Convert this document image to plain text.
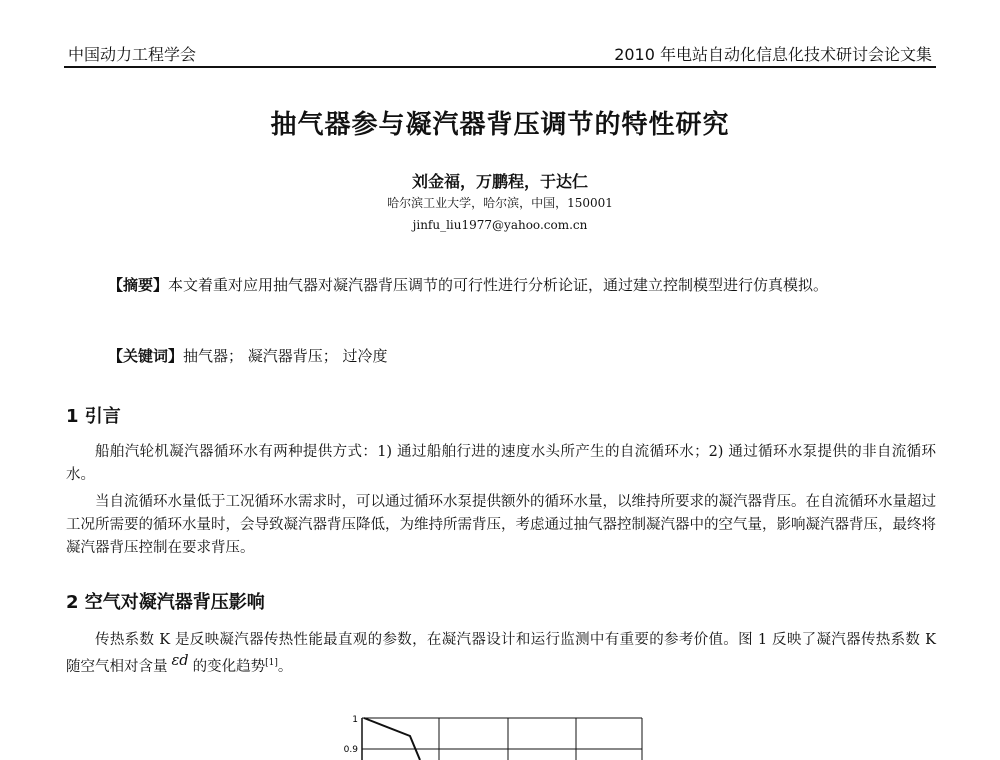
中国动力工程学会	2010 年电站自动化信息化技术研讨会论文集
抽气器参与凝汽器背压调节的特性研究
刘金福，万鹏程，于达仁
哈尔滨工业大学，哈尔滨，中国，150001
jinfu_liu1977@yahoo.com.cn
【摘要】本文着重对应用抽气器对凝汽器背压调节的可行性进行分析论证，通过建立控制模型进行仿真模拟。
【关键词】抽气器； 凝汽器背压； 过冷度
1 引言
船舶汽轮机凝汽器循环水有两种提供方式：1) 通过船舶行进的速度水头所产生的自流循环水；2) 通过循环水泵提供的非自流循环水。
当自流循环水量低于工况循环水需求时，可以通过循环水泵提供额外的循环水量，以维持所要求的凝汽器背压。在自流循环水量超过工况所需要的循环水量时，会导致凝汽器背压降低，为维持所需背压，考虑通过抽气器控制凝汽器中的空气量，影响凝汽器背压，最终将凝汽器背压控制在要求背压。
2 空气对凝汽器背压影响
传热系数 K 是反映凝汽器传热性能最直观的参数，在凝汽器设计和运行监测中有重要的参考价值。图 1 反映了凝汽器传热系数 K 随空气相对含量 εd 的变化趋势[1]。
1
0.9
